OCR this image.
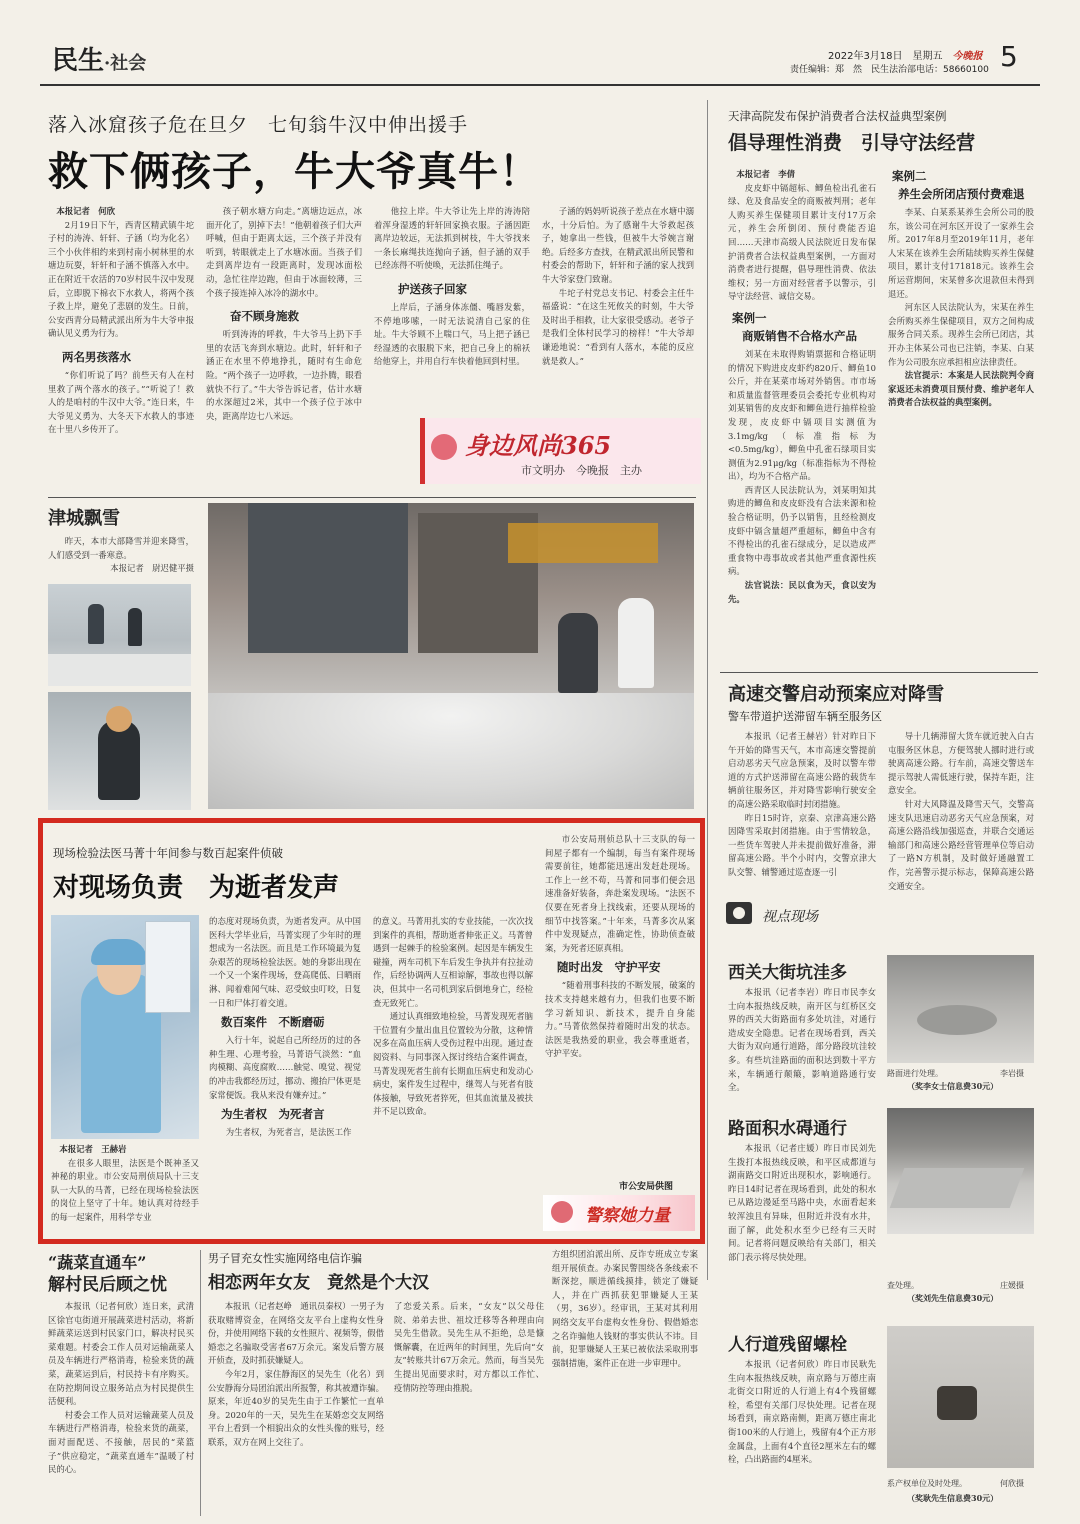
民生·社会	2022年3月18日　 星期五　 今晚报
责任编辑：郑　然　民生法治部电话：58660100 5
落入冰窟孩子危在旦夕　七旬翁牛汉中伸出援手
救下俩孩子，牛大爷真牛！

本报记者　何欣

2月19日下午，西青区精武镇牛坨子村的涛涛、轩轩、子涵（均为化名）三个小伙伴相约来到村南小树林里的水塘边玩耍，轩轩和子涵不慎落入水中。正在附近干农活的70岁村民牛汉中发现后，立即脱下棉衣下水救人，将两个孩子救上岸，避免了悲剧的发生。日前，公安西青分局精武派出所为牛大爷申报确认见义勇为行为。

两名男孩落水

“你们听说了吗？前些天有人在村里救了两个落水的孩子。”“听说了！救人的是咱村的牛汉中大爷。”连日来，牛大爷见义勇为、大冬天下水救人的事迹在十里八乡传开了。

孩子朝水塘方向走。”离塘边远点，冰面开化了，别掉下去！”他朝着孩子们大声呼喊，但由于距离太远，三个孩子并没有听到，转眼就走上了水塘冰面。当孩子们走到离岸边有一段距离时，发现冰面松动，急忙往岸边跑，但由于冰面较薄，三个孩子接连掉入冰冷的湖水中。

奋不顾身施救

听到涛涛的呼救，牛大爷马上扔下手里的农活飞奔到水塘边。此时，轩轩和子涵正在水里不停地挣扎，随时有生命危险。“两个孩子一边呼救，一边扑腾，眼看就快不行了。”牛大爷告诉记者，估计水塘的水深超过2米，其中一个孩子位于冰中央，距离岸边七八米远。

他拉上岸。牛大爷让先上岸的涛涛陪着浑身湿透的轩轩回家换衣服。子涵因距离岸边较远，无法抓到树枝，牛大爷找来一条长麻绳扶连抛向子涵，但子涵的双手已经冻得不听使唤，无法抓住绳子。

护送孩子回家

上岸后，子涵身体冻僵、嘴唇发紫，不停地哆嗦，一时无法说清自己家的住址。牛大爷顾不上喘口气，马上把子涵已经湿透的衣服脱下来，把自己身上的棉袄给他穿上，并用自行车快着他回到村里。

子涵的妈妈听说孩子差点在水塘中溺水，十分后怕。为了感谢牛大爷救起孩子，她拿出一些钱，但被牛大爷婉言谢绝。后经多方查找，在精武派出所民警和村委会的帮助下，轩轩和子涵的家人找到牛大爷家登门致谢。

牛坨子村党总支书记、村委会主任牛福盛说：“在这生死攸关的时刻，牛大爷及时出手相救，让大家很受感动。老爷子是我们全体村民学习的榜样！”牛大爷却谦逊地说：“看到有人落水，本能的反应就是救人。”

身边风尚365
市文明办　今晚报　主办
津城飘雪

昨天，本市大部降雪并迎来降雪，人们感受到一番寒意。

本报记者　尉迟健平摄

天津高院发布保护消费者合法权益典型案例
倡导理性消费　引导守法经营

本报记者　李倩

皮皮虾中镉超标、鲫鱼检出孔雀石绿、危及食品安全的商贩被判刑；老年人购买养生保健项目累计支付17万余元，养生会所倒闭、预付费能否追回……天津市高级人民法院近日发布保护消费者合法权益典型案例，一方面对消费者进行提醒，倡导理性消费、依法维权；另一方面对经营者予以警示，引导守法经营、诚信交易。

案例一
商贩销售不合格水产品

刘某在未取得购销票据和合格证明的情况下购进皮皮虾约820斤、鲫鱼10公斤，并在某菜市场对外销售。市市场和质量监督管理委员会委托专业机构对刘某销售的皮皮虾和鲫鱼进行抽样检验发现，皮皮虾中镉项目实测值为3.1mg/kg（标准指标为<0.5mg/kg），鲫鱼中孔雀石绿项目实测值为2.91μg/kg（标准指标为不得检出），均为不合格产品。

西青区人民法院认为，刘某明知其购进的鲫鱼和皮皮虾没有合法来源和检验合格证明，仍予以销售，且经检测皮皮虾中镉含量超严重超标，鲫鱼中含有不得检出的孔雀石绿成分，足以造成严重食物中毒事故或者其他严重食源性疾病。

法官说法：民以食为天，食以安为先。

案例二
养生会所闭店预付费难退

李某、白某系某养生会所公司的股东，该公司在河东区开设了一家养生会所。2017年8月至2019年11月，老年人宋某在该养生会所陆续购买养生保健项目，累计支付171818元。该养生会所运营期间，宋某曾多次退款但未得到退还。

河东区人民法院认为，宋某在养生会所购买养生保健项目，双方之间构成服务合同关系。现养生会所已闭店，其开办主体某公司也已注销，李某、白某作为公司股东应承担相应法律责任。

法官提示：本案是人民法院判令商家返还未消费项目预付费、维护老年人消费者合法权益的典型案例。

高速交警启动预案应对降雪
警车带道护送滞留车辆至服务区

本报讯（记者王赫岩）针对昨日下午开始的降雪天气，本市高速交警提前启动恶劣天气应急预案，及时以警车带道的方式护送滞留在高速公路的载货车辆前往服务区，并对降雪影响行驶安全的高速公路采取临时封闭措施。

昨日15时许，京秦、京津高速公路因降雪采取封闭措施。由于雪情较急，一些货车驾驶人并未提前做好准备，滞留高速公路。半个小时内，交警京津大队交警、辅警通过巡查逐一引

导十几辆滞留大货车就近驶入白古屯服务区休息，方便驾驶人挪时进行或驶离高速公路。行车前，高速交警送车提示驾驶人需低速行驶，保持车距，注意安全。

针对大风降温及降雪天气，交警高速支队迅速启动恶劣天气应急预案，对高速公路沿线加强巡查，并联合交通运输部门和高速公路经营管理单位等启动了一路N方机制，及时做好通融置工作，完善警示提示标志，保障高速公路交通安全。

视点现场
西关大街坑洼多

本报讯（记者李岩）昨日市民李女士向本报热线反映，南开区与红桥区交界的西关大街路面有多处坑洼，对通行造成安全隐患。记者在现场看到，西关大街为双向通行道路，部分路段坑洼较多。有些坑洼路面的面积达到数十平方米，车辆通行颠簸，影响道路通行安全。

路面进行处理。	李岩摄
（奖李女士信息费30元）
路面积水碍通行

本报讯（记者庄媛）昨日市民刘先生拨打本报热线反映，和平区成都道与湖南路交口附近出现积水，影响通行。昨日14时记者在现场看到，此处的积水已从路边漫延至马路中央，水面看起来较浑浊且有异味，但附近并没有水井，面了解，此处积水至少已经有三天时间。记者将问题反映给有关部门，相关部门表示将尽快处理。

查处理。	庄媛摄
（奖刘先生信息费30元）
人行道残留螺栓

本报讯（记者何欣）昨日市民耿先生向本报热线反映，南京路与万德庄南北街交口附近的人行道上有4个残留螺栓，希望有关部门尽快处理。记者在现场看到，南京路南侧，距离万德庄南北街100米的人行道上，残留有4个正方形金属盘，上面有4个直径2厘米左右的螺栓，凸出路面约4厘米。

系产权单位及时处理。	何欣摄
（奖耿先生信息费30元）
现场检验法医马菁十年间参与数百起案件侦破
对现场负责　为逝者发声

本报记者　王赫岩

在很多人眼里，法医是个既神圣又神秘的职业。市公安局刑侦局队十三支队一大队的马菁，已经在现场检验法医的岗位上坚守了十年。她认真对待经手的每一起案件，用科学专业

的态度对现场负责，为逝者发声。从中国医科大学毕业后，马菁实现了少年时的理想成为一名法医。而且是工作环境最为复杂艰苦的现场检验法医。她的身影出现在一个又一个案件现场，登高爬低、日晒雨淋、闻着难闻气味、忍受蚊虫叮咬，日复一日和尸体打着交道。

数百案件　不断磨砺

入行十年，说起自己所经历的过的各种生理、心理考验，马菁语气淡然：“血肉模糊、高度腐败……触觉、嗅觉、视觉的冲击我都经历过，挪动、搬抬尸体更是家常便饭。我从来没有嫌弃过。”

为生者权　为死者言

为生者权，为死者言，是法医工作

的意义。马菁用扎实的专业技能，一次次找到案件的真相，帮助逝者伸张正义。马菁曾遇到一起棘手的检验案例。起因是车辆发生碰撞，两车司机下车后发生争执并有拉扯动作，后经协调两人互相谅解，事故也得以解决，但其中一名司机到家后倒地身亡，经检查无致死亡。

通过认真细致地检验，马菁发现死者脑干位置有少量出血且位置较为分散，这种情况多在高血压病人受伤过程中出现。通过查阅资料、与同事深入探讨终结合案件调查，马菁发现死者生前有长期血压病史和发动心病史，案件发生过程中，继驾人与死者有肢体接触，导致死者猝死，但其血流量及被扶并不足以致命。

市公安局刑侦总队十三支队的每一间屋子都有一个编制，每当有案件现场需要前往，她都能迅速出发赶赴现场。工作上一丝不苟，马菁和同事们便会迅速准备好装备，奔赴案发现场。“法医不仅要在死者身上找线索，还要从现场的细节中找答案。”十年来，马菁多次从案件中发现疑点，准确定性，协助侦查破案，为死者还原真相。

随时出发　守护平安

“随着刑事科技的不断发展，破案的技术支持越来越有力，但我们也要不断学习新知识、新技术，提升自身能力。”马菁依然保持着随时出发的状态。法医是我热爱的职业，我会尊重逝者，守护平安。

市公安局供图
警察她力量
“蔬菜直通车”
解村民后顾之忧

本报讯（记者何欣）连日来，武清区徐官屯街道开展蔬菜进村活动，将新鲜蔬菜运送到村民家门口，解决村民买菜难题。村委会工作人员对运输蔬菜人员及车辆进行严格消毒，检验来货的蔬菜，蔬菜运到后，村民持卡有序购买。在防控期间设立服务站点为村民提供生活便利。

村委会工作人员对运输蔬菜人员及车辆进行严格消毒，检验来货的蔬菜，面对面配送、不接触，居民的“菜篮子”供应稳定，“蔬菜直通车”温暖了村民的心。

男子冒充女性实施网络电信诈骗
相恋两年女友　竟然是个大汉

本报讯（记者赵峥　通讯员秦权）一男子为获取赌博资金，在网络交友平台上虚构女性身份，并使用网络下载的女性照片、视频等，假借婚恋之名骗取受害者67万余元。案发后警方展开侦查，及时抓获嫌疑人。

今年2月，家住静海区的吴先生（化名）到公安静海分局团泊派出所报警，称其被遭诈骗。原来，年近40岁的吴先生由于工作繁忙一直单身。2020年的一天，吴先生在某婚恋交友网络平台上看到一个相貌出众的女性头像的账号，经联系，双方在网上交往了。

了恋爱关系。后来，“女友”以父母住院、弟弟去世、祖坟迁移等各种理由向吴先生借款。吴先生从不拒绝，总是慷慨解囊，在近两年的时间里，先后向“女友”转账共计67万余元。然而，每当吴先生提出见面要求时，对方都以工作忙、疫情防控等理由推脱。

方组织团泊派出所、反诈专班成立专案组开展侦查。办案民警围绕各条线索不断深挖，顺进循线摸排，锁定了嫌疑人，并在广西抓获犯罪嫌疑人王某（男，36岁）。经审讯，王某对其利用网络交友平台虚构女性身份、假借婚恋之名诈骗他人钱财的事实供认不讳。目前，犯罪嫌疑人王某已被依法采取刑事强制措施，案件正在进一步审理中。
